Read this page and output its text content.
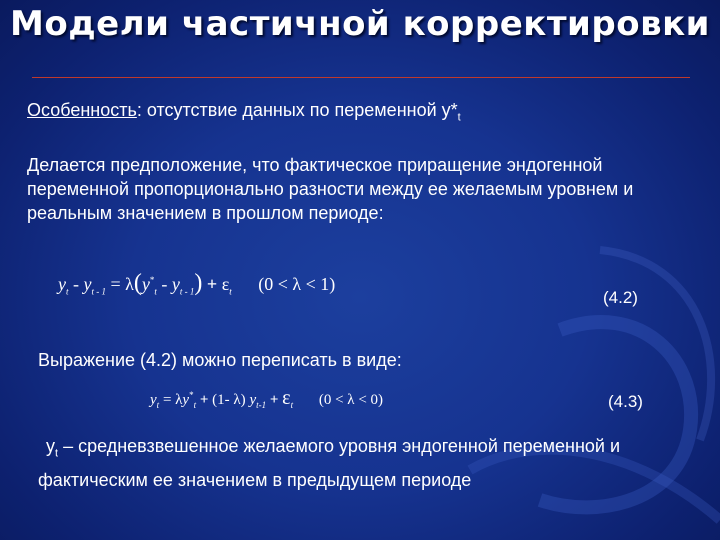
Модели частичной корректировки
Особенность: отсутствие данных по переменной $y*_t$
Делается предположение, что фактическое приращение эндогенной переменной пропорционально разности между ее желаемым уровнем и реальным значением в прошлом периоде:
$y_t - y_{t - 1} = \lambda(y^*_t - y_{t - 1}) + \varepsilon_t$ (0 < λ < 1)
(4.2)
Выражение (4.2) можно переписать в виде:
$y_t = \lambda y^*_t + (1-$ λ) $y_{t-1} + \varepsilon_t$ (0 < λ < 0)	(4.3)
$y_t$ – средневзвешенное желаемого уровня эндогенной переменной и фактическим ее значением в предыдущем периоде
